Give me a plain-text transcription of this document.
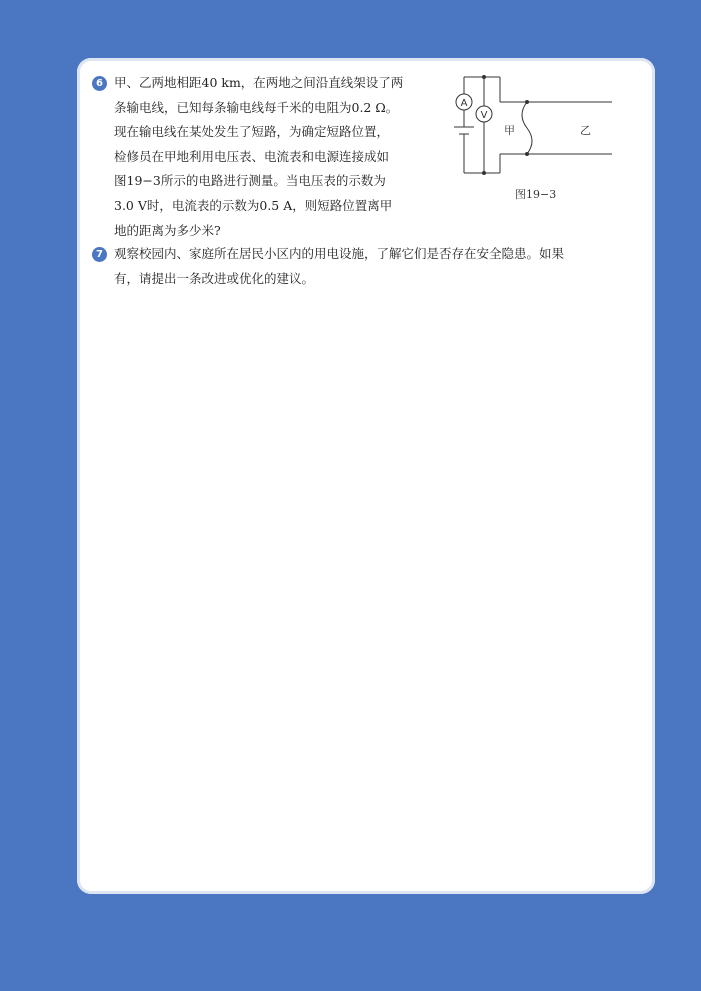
6 甲、乙两地相距40 km，在两地之间沿直线架设了两
条输电线，已知每条输电线每千米的电阻为0.2 Ω。
现在输电线在某处发生了短路，为确定短路位置，
检修员在甲地利用电压表、电流表和电源连接成如
图19−3所示的电路进行测量。当电压表的示数为
3.0 V时，电流表的示数为0.5 A，则短路位置离甲
地的距离为多少米?
A
V
甲	乙
图19−3
7 观察校园内、家庭所在居民小区内的用电设施，了解它们是否存在安全隐患。如果
有，请提出一条改进或优化的建议。
